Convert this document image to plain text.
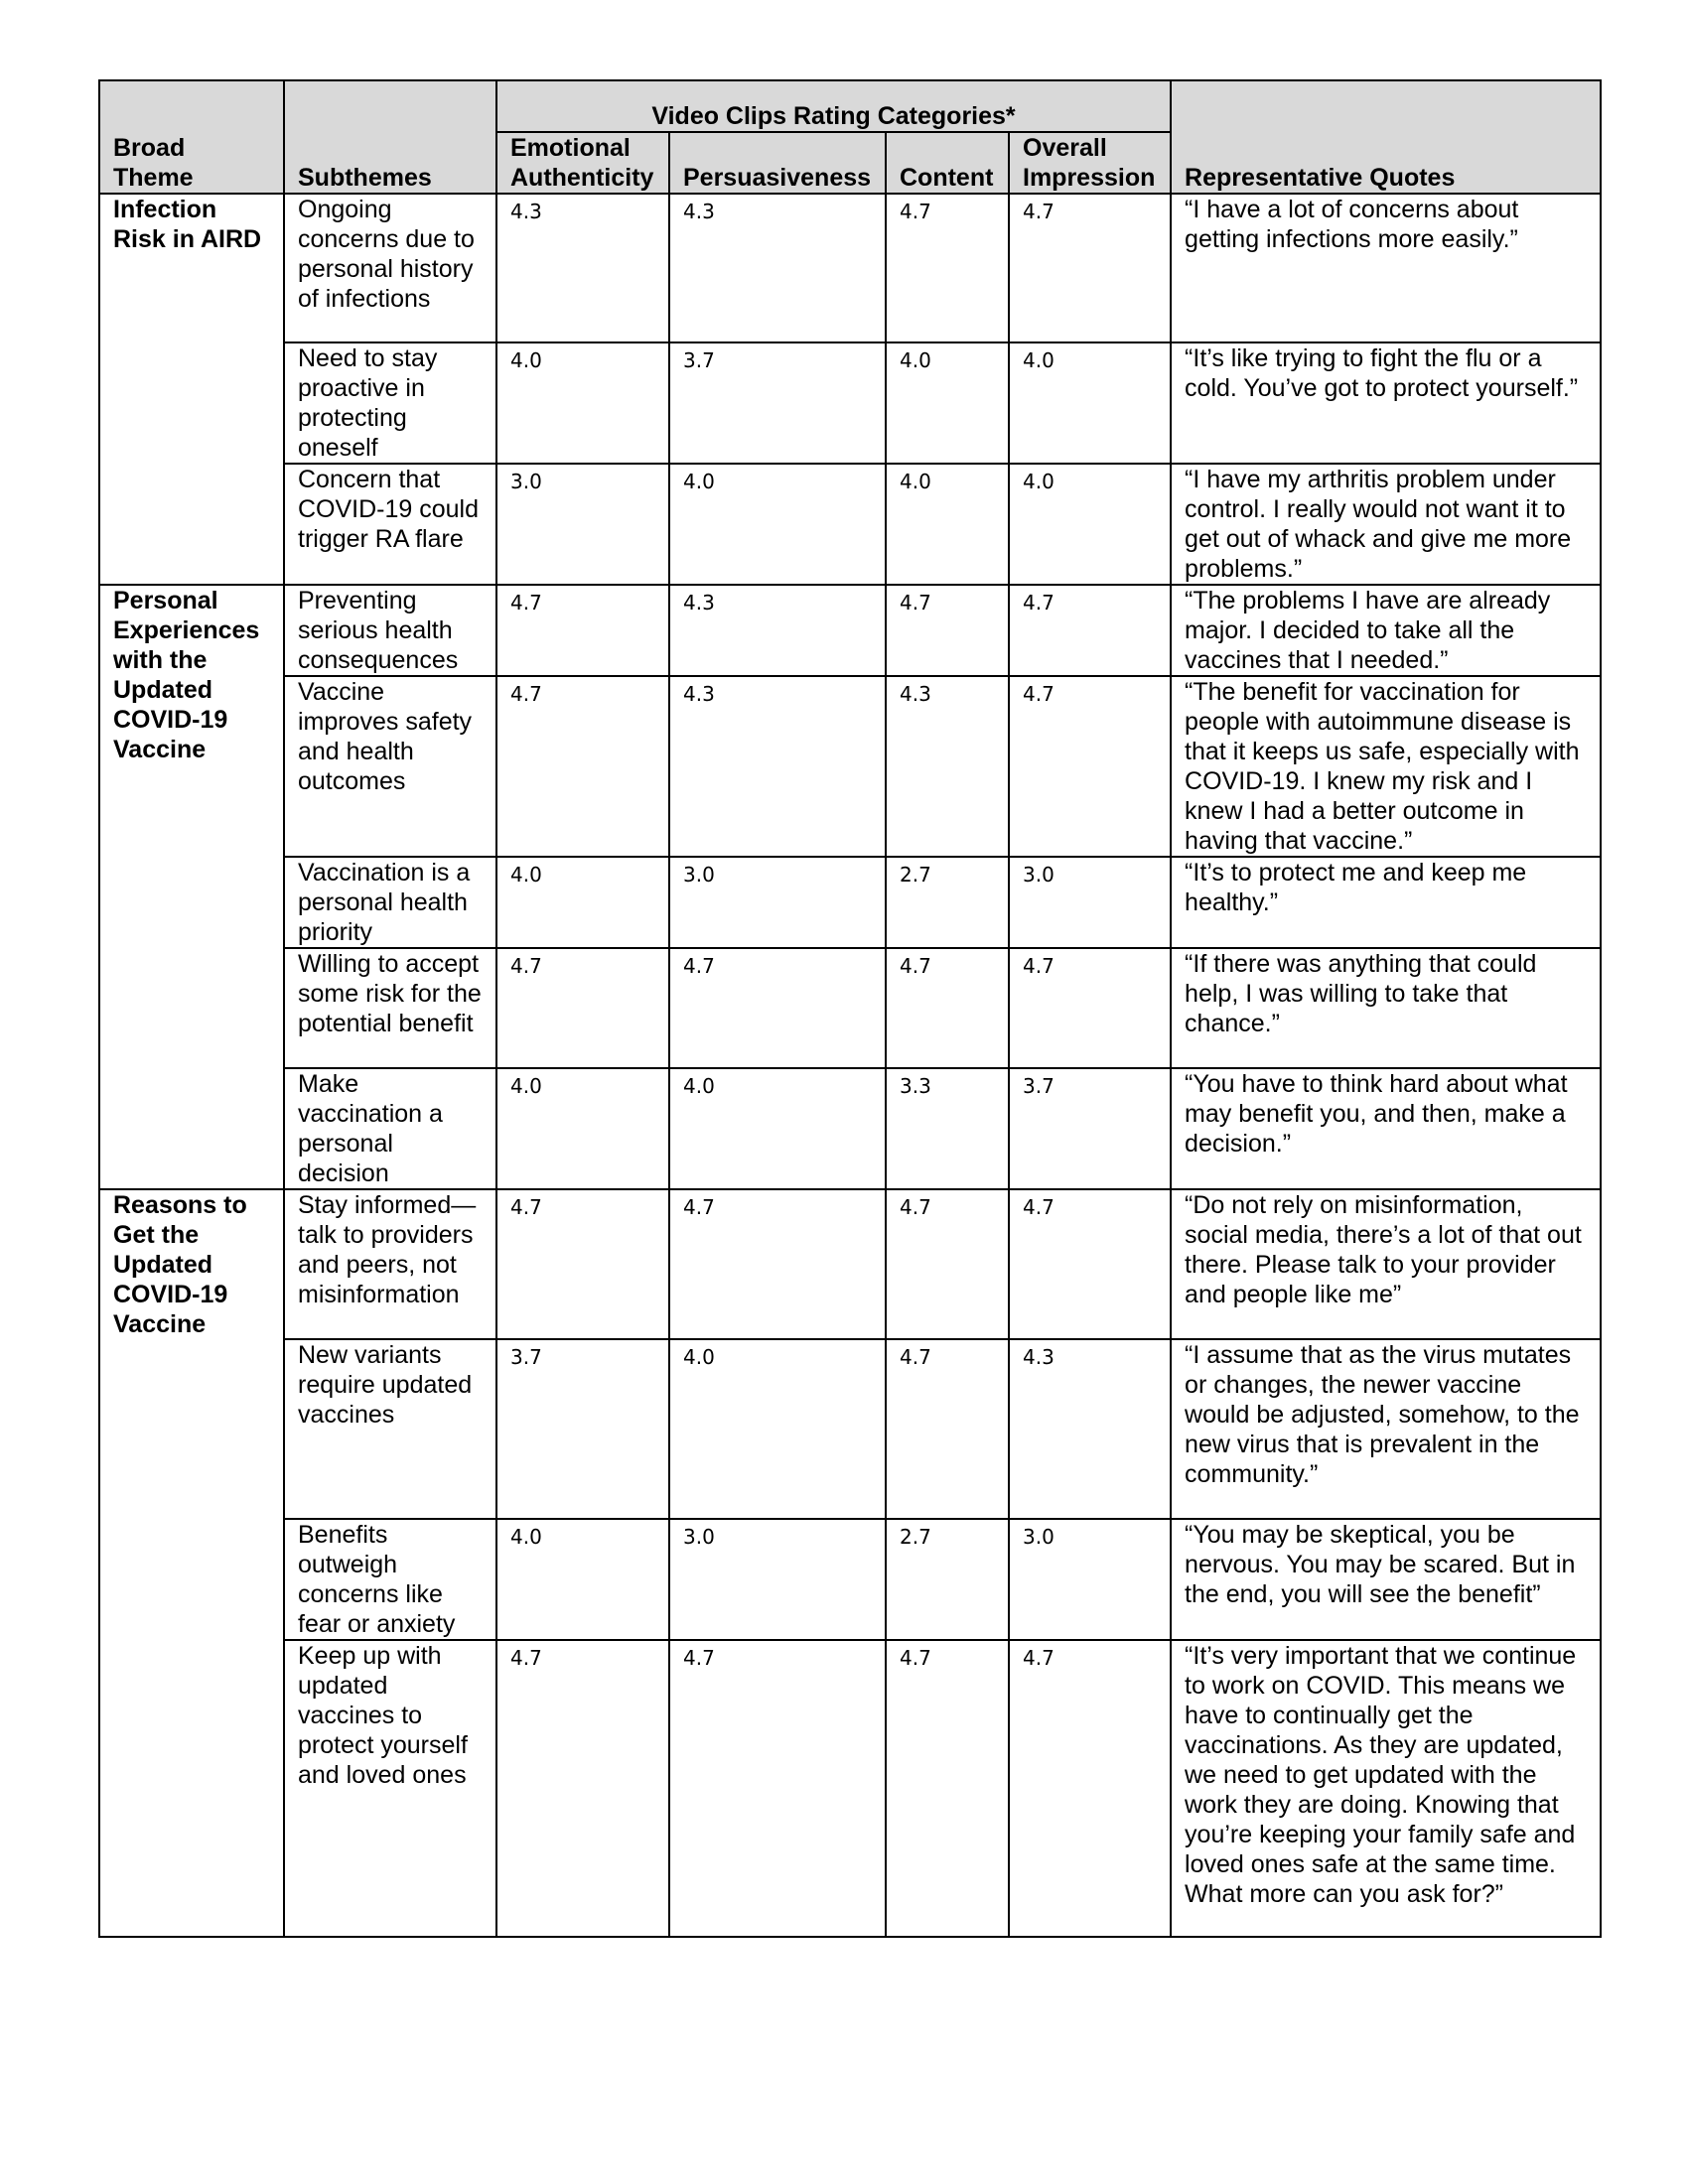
Broad Theme	Subthemes	Video Clips Rating Categories*				Representative Quotes
		Emotional Authenticity	Persuasiveness	Content	Overall Impression	
Infection Risk in AIRD	Ongoing concerns due to personal history of infections	4.3	4.3	4.7	4.7	“I have a lot of concerns about getting infections more easily.”
	Need to stay proactive in protecting oneself	4.0	3.7	4.0	4.0	“It’s like trying to fight the flu or a cold. You’ve got to protect yourself.”
	Concern that COVID-19 could trigger RA flare	3.0	4.0	4.0	4.0	“I have my arthritis problem under control. I really would not want it to get out of whack and give me more problems.”
Personal Experiences with the Updated COVID-19 Vaccine	Preventing serious health consequences	4.7	4.3	4.7	4.7	“The problems I have are already major. I decided to take all the vaccines that I needed.”
	Vaccine improves safety and health outcomes	4.7	4.3	4.3	4.7	“The benefit for vaccination for people with autoimmune disease is that it keeps us safe, especially with COVID-19. I knew my risk and I knew I had a better outcome in having that vaccine.”
	Vaccination is a personal health priority	4.0	3.0	2.7	3.0	“It’s to protect me and keep me healthy.”
	Willing to accept some risk for the potential benefit	4.7	4.7	4.7	4.7	“If there was anything that could help, I was willing to take that chance.”
	Make vaccination a personal decision	4.0	4.0	3.3	3.7	“You have to think hard about what may benefit you, and then, make a decision.”
Reasons to Get the Updated COVID-19 Vaccine	Stay informed—talk to providers and peers, not misinformation	4.7	4.7	4.7	4.7	“Do not rely on misinformation, social media, there’s a lot of that out there. Please talk to your provider and people like me”
	New variants require updated vaccines	3.7	4.0	4.7	4.3	“I assume that as the virus mutates or changes, the newer vaccine would be adjusted, somehow, to the new virus that is prevalent in the community.”
	Benefits outweigh concerns like fear or anxiety	4.0	3.0	2.7	3.0	“You may be skeptical, you be nervous. You may be scared. But in the end, you will see the benefit”
	Keep up with updated vaccines to protect yourself and loved ones	4.7	4.7	4.7	4.7	“It’s very important that we continue to work on COVID. This means we have to continually get the vaccinations. As they are updated, we need to get updated with the work they are doing. Knowing that you’re keeping your family safe and loved ones safe at the same time. What more can you ask for?”
